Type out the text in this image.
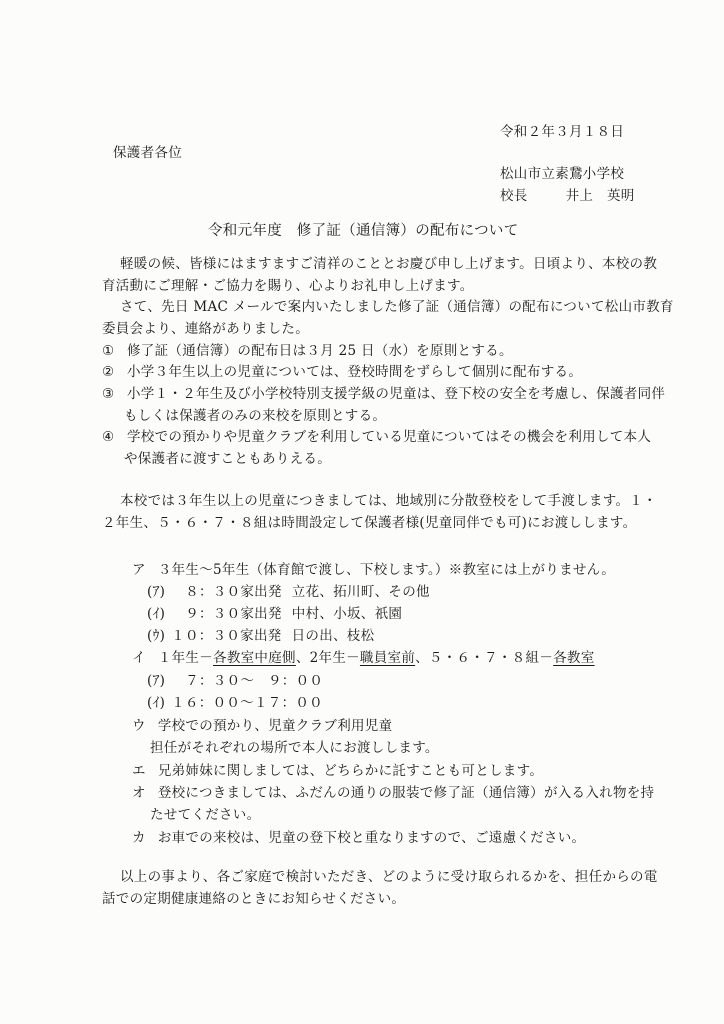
令和２年３月１８日
保護者各位
松山市立素鵞小学校
校長	井上　英明
令和元年度　修了証（通信簿）の配布について
軽暖の候、皆様にはますますご清祥のこととお慶び申し上げます。日頃より、本校の教
育活動にご理解・ご協力を賜り、心よりお礼申し上げます。
さて、先日 MAC メールで案内いたしました修了証（通信簿）の配布について松山市教育
委員会より、連絡がありました。
① 修了証（通信簿）の配布日は３月 25 日（水）を原則とする。
② 小学３年生以上の児童については、登校時間をずらして個別に配布する。
③ 小学１・２年生及び小学校特別支援学級の児童は、登下校の安全を考慮し、保護者同伴
もしくは保護者のみの来校を原則とする。
④ 学校での預かりや児童クラブを利用している児童についてはその機会を利用して本人
や保護者に渡すこともありえる。
本校では３年生以上の児童につきましては、地域別に分散登校をして手渡します。１・
２年生、５・６・７・８組は時間設定して保護者様(児童同伴でも可)にお渡しします。
ア ３年生～5年生（体育館で渡し、下校します。）※教室には上がりません。
(ｱ) ８：３０家出発 立花、拓川町、その他
(ｲ) ９：３０家出発 中村、小坂、祇園
(ｳ) １０：３０家出発 日の出、枝松
イ １年生－各教室中庭側、2年生－職員室前、５・６・７・８組－各教室
(ｱ) ７：３０～　９：００
(ｲ) １６：００～１７：００
ウ 学校での預かり、児童クラブ利用児童
担任がそれぞれの場所で本人にお渡しします。
エ 兄弟姉妹に関しましては、どちらかに託すことも可とします。
オ 登校につきましては、ふだんの通りの服装で修了証（通信簿）が入る入れ物を持
たせてください。
カ お車での来校は、児童の登下校と重なりますので、ご遠慮ください。
以上の事より、各ご家庭で検討いただき、どのように受け取られるかを、担任からの電
話での定期健康連絡のときにお知らせください。
